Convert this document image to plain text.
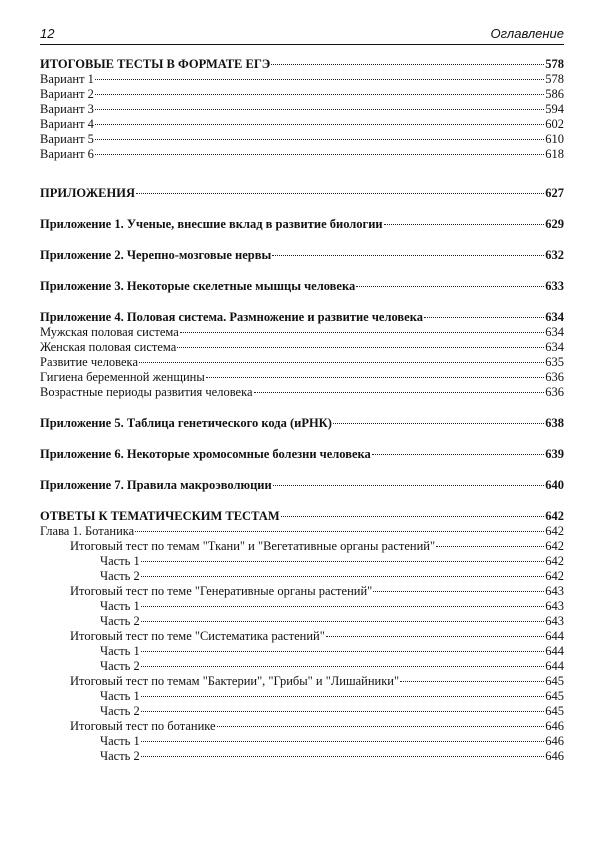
12	Оглавление
ИТОГОВЫЕ ТЕСТЫ В ФОРМАТЕ ЕГЭ	578
Вариант 1	578
Вариант 2	586
Вариант 3	594
Вариант 4	602
Вариант 5	610
Вариант 6	618
ПРИЛОЖЕНИЯ	627
Приложение 1. Ученые, внесшие вклад в развитие биологии	629
Приложение 2. Черепно-мозговые нервы	632
Приложение 3. Некоторые скелетные мышцы человека	633
Приложение 4. Половая система. Размножение и развитие человека	634
Мужская половая система	634
Женская половая система	634
Развитие человека	635
Гигиена беременной женщины	636
Возрастные периоды развития человека	636
Приложение 5. Таблица генетического кода (иРНК)	638
Приложение 6. Некоторые хромосомные болезни человека	639
Приложение 7. Правила макроэволюции	640
ОТВЕТЫ К ТЕМАТИЧЕСКИМ ТЕСТАМ	642
Глава 1. Ботаника	642
Итоговый тест по темам "Ткани" и "Вегетативные органы растений"	642
Часть 1	642
Часть 2	642
Итоговый тест по теме "Генеративные органы растений"	643
Часть 1	643
Часть 2	643
Итоговый тест по теме "Систематика растений"	644
Часть 1	644
Часть 2	644
Итоговый тест по темам "Бактерии", "Грибы" и "Лишайники"	645
Часть 1	645
Часть 2	645
Итоговый тест по ботанике	646
Часть 1	646
Часть 2	646
